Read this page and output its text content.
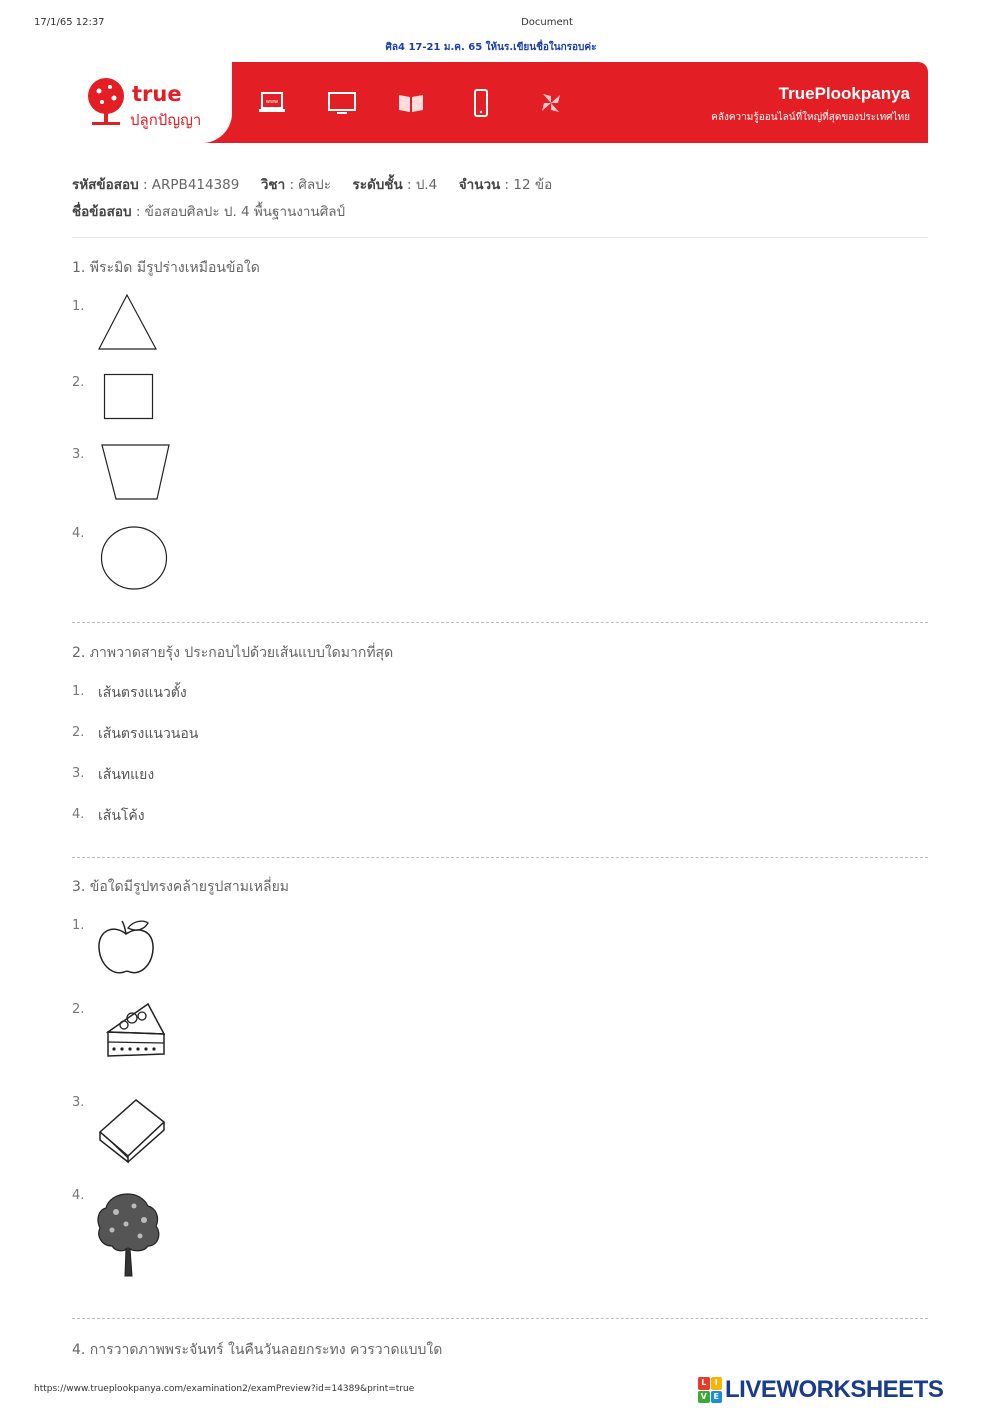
17/1/65 12:37	Document
ศิล4 17-21 ม.ค. 65 ให้นร.เขียนชื่อในกรอบค่ะ
true
ปลูกปัญญา
www	TruePlookpanya
คลังความรู้ออนไลน์ที่ใหญ่ที่สุดของประเทศไทย
รหัสข้อสอบ : ARPB414389 วิชา : ศิลปะ ระดับชั้น : ป.4 จำนวน : 12 ข้อ
ชื่อข้อสอบ : ข้อสอบศิลปะ ป. 4 พื้นฐานงานศิลป์
1. พีระมิด มีรูปร่างเหมือนข้อใด
1.
2.
3.
4.
2. ภาพวาดสายรุ้ง ประกอบไปด้วยเส้นแบบใดมากที่สุด
1. เส้นตรงแนวตั้ง
2. เส้นตรงแนวนอน
3. เส้นทแยง
4. เส้นโค้ง
3. ข้อใดมีรูปทรงคล้ายรูปสามเหลี่ยม
1.
2.
3.
4.
4. การวาดภาพพระจันทร์ ในคืนวันลอยกระทง ควรวาดแบบใด
https://www.trueplookpanya.com/examination2/examPreview?id=14389&print=true
L	I
V E LIVEWORKSHEETS
